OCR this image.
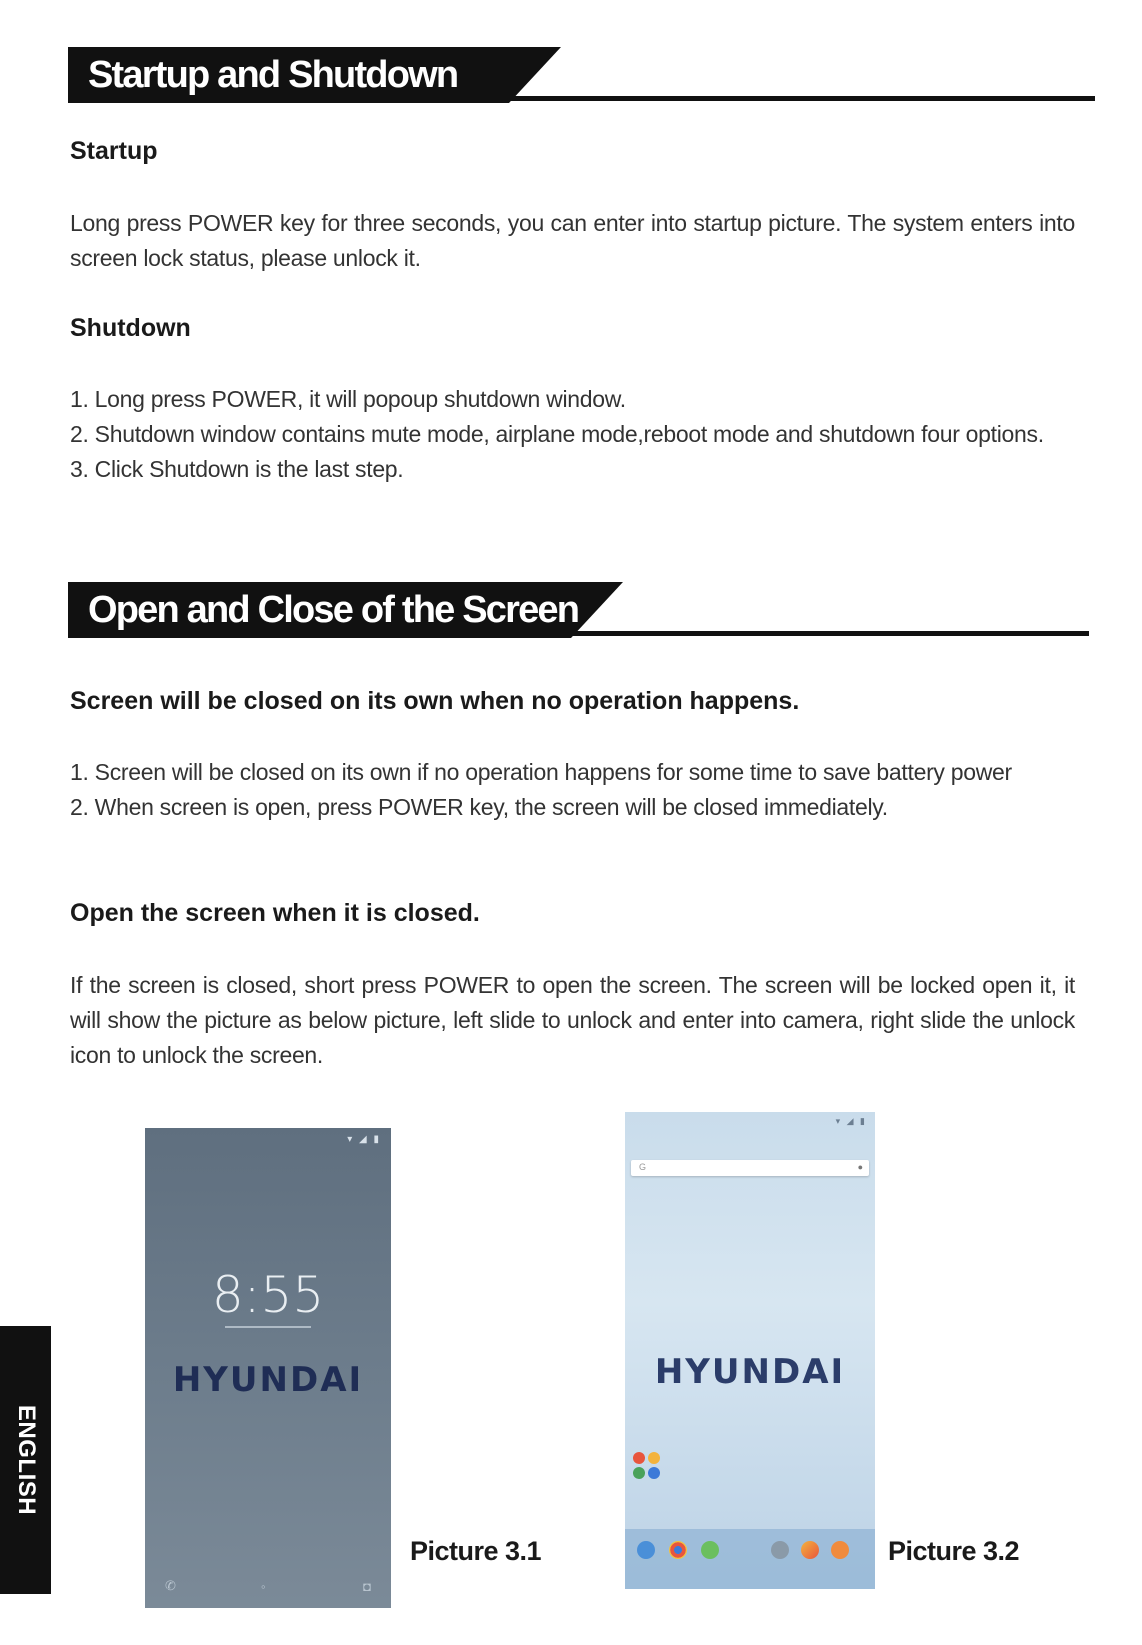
Startup and Shutdown
Startup

Long press POWER key for three seconds, you can enter into startup picture. The system enters into screen lock status, please unlock it.

Shutdown

1. Long press POWER, it will popoup shutdown window.

2. Shutdown window contains mute mode, airplane mode,reboot mode and shutdown four options.

3. Click Shutdown is the last step.

Open and Close of the Screen
Screen will be closed on its own when no operation happens.

1. Screen will be closed on its own if no operation happens for some time to save battery power

2. When screen is open, press POWER key, the screen will be closed immediately.

Open the screen when it is closed.

If the screen is closed, short press POWER to open the screen. The screen will be locked open it, it will show the picture as below picture, left slide to unlock and enter into camera, right slide the unlock icon to unlock the screen.

▾ ◢ ▮
8:55
HYUNDAI
✆	◦	◘
Picture 3.1
▾ ◢ ▮
G	●
HYUNDAI
Picture 3.2
ENGLISH
